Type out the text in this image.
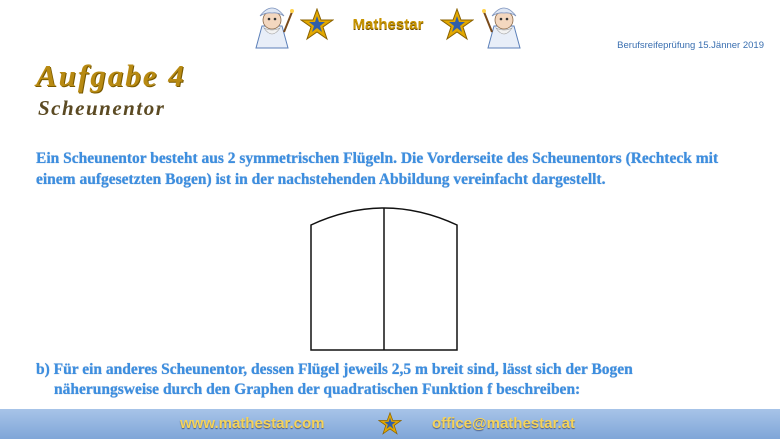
Mathestar
Berufsreifeprüfung 15.Jänner 2019
Aufgabe 4
Scheunentor
Ein Scheunentor besteht aus 2 symmetrischen Flügeln. Die Vorderseite des Scheunentors (Rechteck mit einem aufgesetzten Bogen) ist in der nachstehenden Abbildung vereinfacht dargestellt.
b) Für ein anderes Scheunentor, dessen Flügel jeweils 2,5 m breit sind, lässt sich der Bogen
näherungsweise durch den Graphen der quadratischen Funktion f beschreiben:
www.mathestar.com	office@mathestar.at
